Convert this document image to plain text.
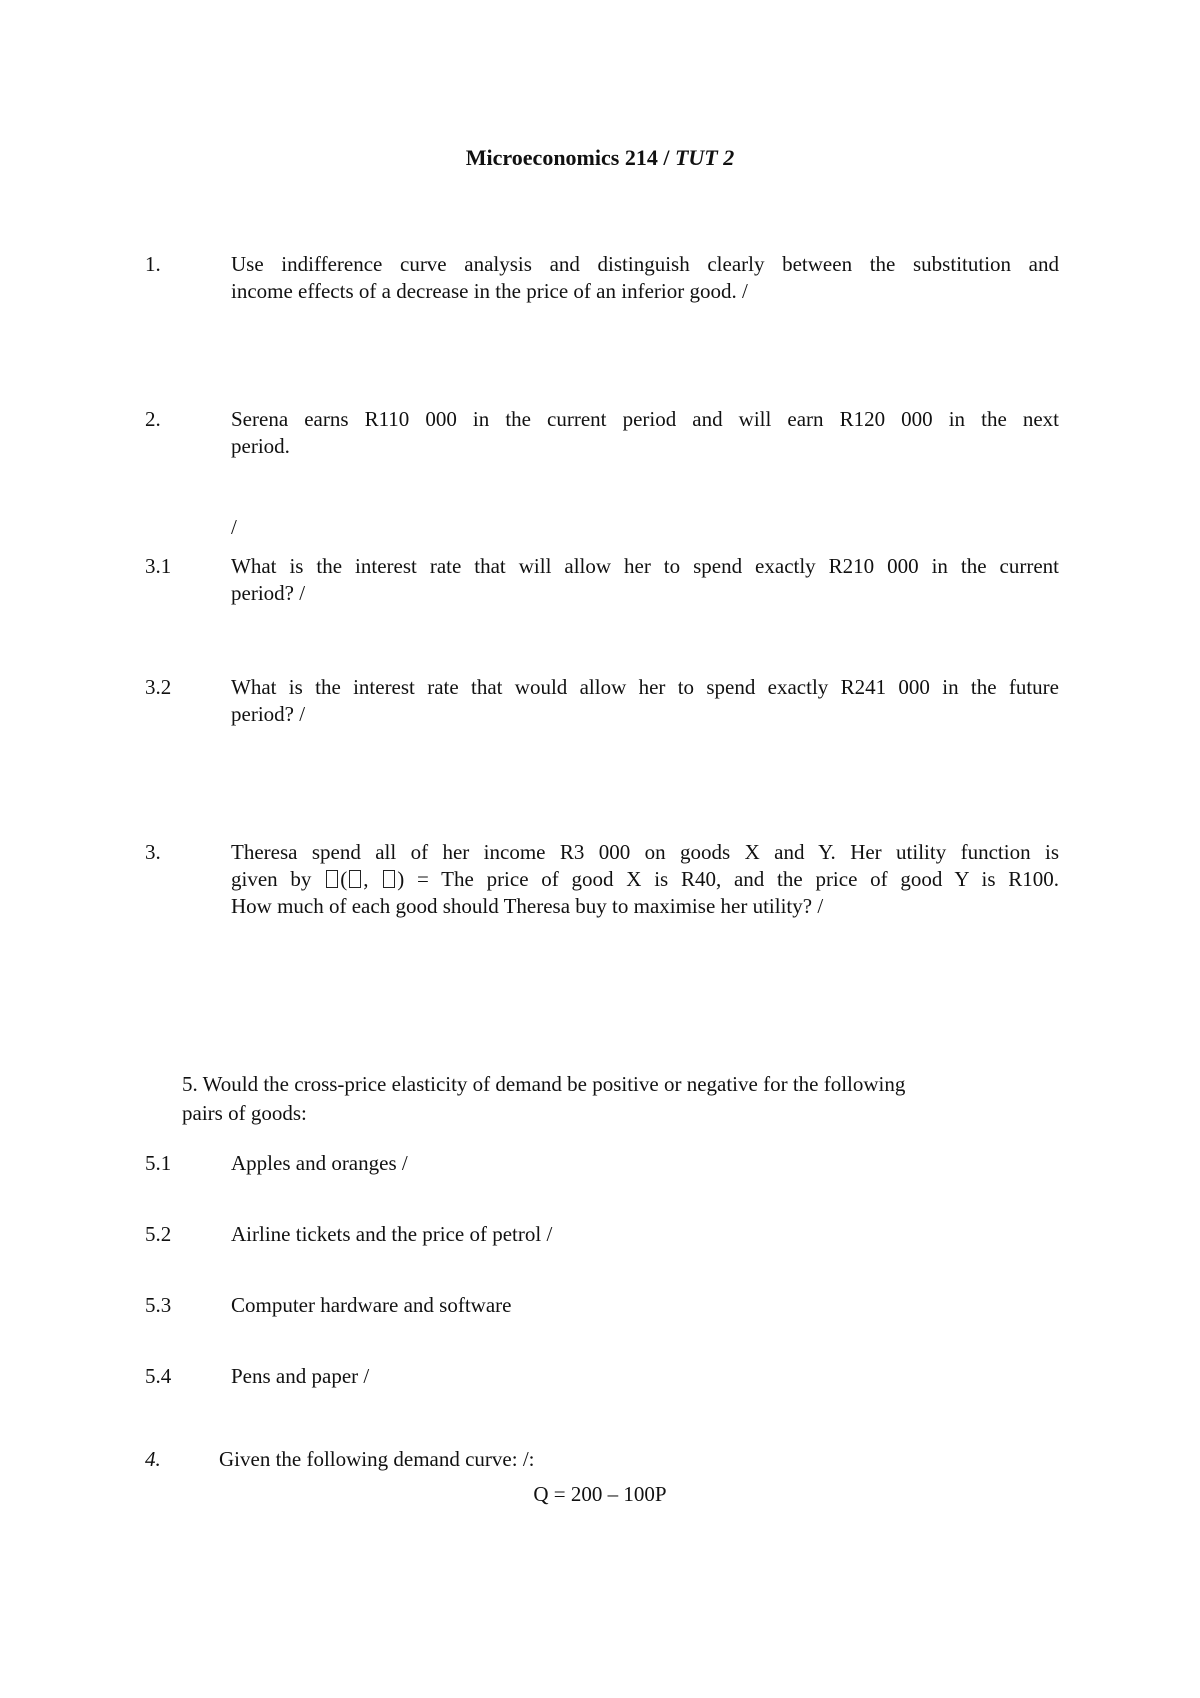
Microeconomics 214 / TUT 2
1.	Use indifference curve analysis and distinguish clearly between the substitution and
income effects of a decrease in the price of an inferior good. /
2.	Serena earns R110 000 in the current period and will earn R120 000 in the next
period.
/
3.1	What is the interest rate that will allow her to spend exactly R210 000 in the current
period? /
3.2	What is the interest rate that would allow her to spend exactly R241 000 in the future
period? /
3.	Theresa spend all of her income R3 000 on goods X and Y. Her utility function is
given by ( , ) = The price of good X is R40, and the price of good Y is R100.
How much of each good should Theresa buy to maximise her utility? /
5. Would the cross-price elasticity of demand be positive or negative for the following
pairs of goods:
5.1	Apples and oranges /
5.2	Airline tickets and the price of petrol /
5.3	Computer hardware and software
5.4	Pens and paper /
4.	Given the following demand curve: /:
Q = 200 – 100P
